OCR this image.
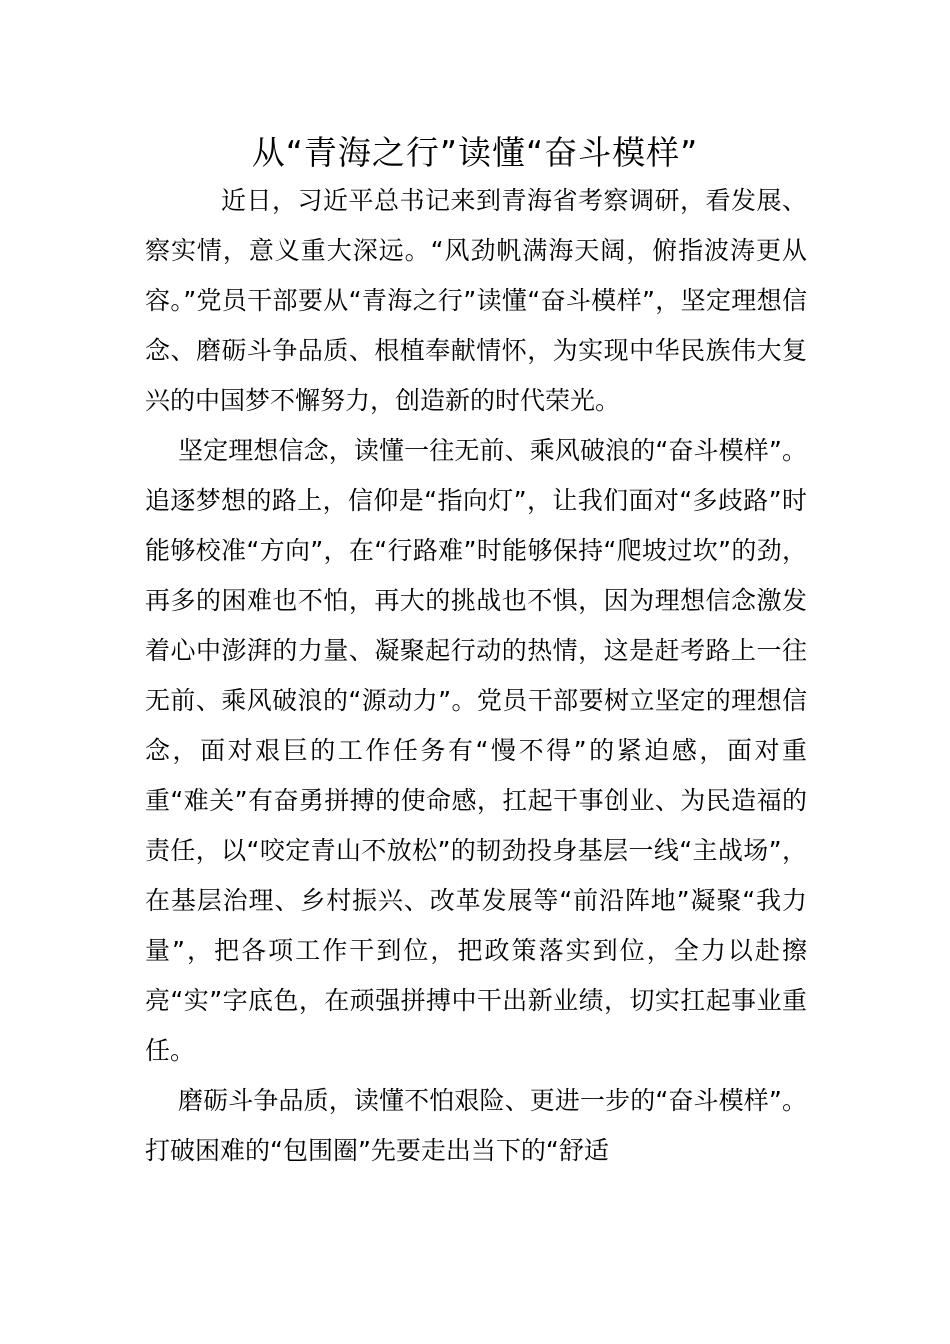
从“青海之行”读懂“奋斗模样”

近日，习近平总书记来到青海省考察调研，看发展、察实情，意义重大深远。“风劲帆满海天阔，俯指波涛更从容。”党员干部要从“青海之行”读懂“奋斗模样”，坚定理想信念、磨砺斗争品质、根植奉献情怀，为实现中华民族伟大复兴的中国梦不懈努力，创造新的时代荣光。

坚定理想信念，读懂一往无前、乘风破浪的“奋斗模样”。追逐梦想的路上，信仰是“指向灯”，让我们面对“多歧路”时能够校准“方向”，在“行路难”时能够保持“爬坡过坎”的劲，再多的困难也不怕，再大的挑战也不惧，因为理想信念激发着心中澎湃的力量、凝聚起行动的热情，这是赶考路上一往无前、乘风破浪的“源动力”。党员干部要树立坚定的理想信念，面对艰巨的工作任务有“慢不得”的紧迫感，面对重重“难关”有奋勇拼搏的使命感，扛起干事创业、为民造福的责任，以“咬定青山不放松”的韧劲投身基层一线“主战场”，在基层治理、乡村振兴、改革发展等“前沿阵地”凝聚“我力量”，把各项工作干到位，把政策落实到位，全力以赴擦亮“实”字底色，在顽强拼搏中干出新业绩，切实扛起事业重任。

磨砺斗争品质，读懂不怕艰险、更进一步的“奋斗模样”。打破困难的“包围圈”先要走出当下的“舒适
